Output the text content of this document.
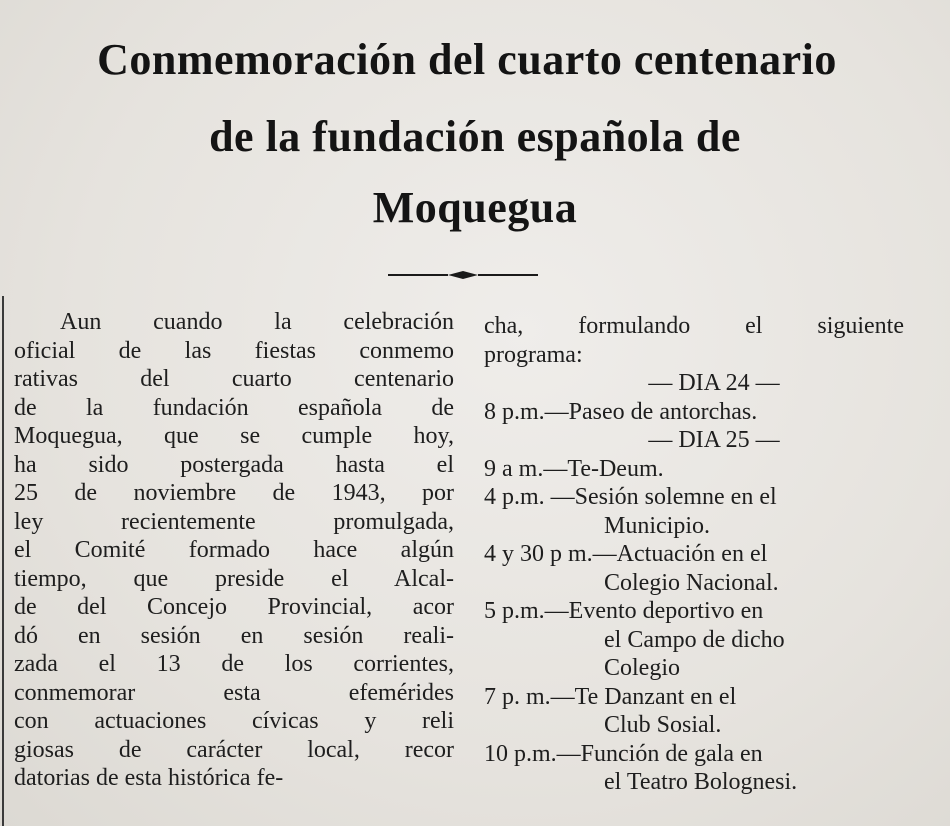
Conmemoración del cuarto centenario
de la fundación española de
Moquegua
Aun cuando la celebración
oficial de las fiestas conmemo
rativas del cuarto centenario
de la fundación española de
Moquegua, que se cumple hoy,
ha sido postergada hasta el
25 de noviembre de 1943, por
ley recientemente promulgada,
el Comité formado hace algún
tiempo, que preside el Alcal-
de del Concejo Provincial, acor
dó en sesión en sesión reali-
zada el 13 de los corrientes,
conmemorar esta efemérides
con actuaciones cívicas y reli
giosas de carácter local, recor
datorias de esta histórica fe-
cha, formulando el siguiente
programa:
— DIA 24 —
8 p.m.— Paseo de antorchas.
— DIA 25 —
9 a m.— Te-Deum.
4 p.m. — Sesión solemne en el
Municipio.
4 y 30 p m.— Actuación en el
Colegio Nacional.
5 p.m.— Evento deportivo en
el Campo de dicho
Colegio
7 p. m.— Te Danzant en el
Club Sosial.
10 p.m.— Función de gala en
el Teatro Bolognesi.
